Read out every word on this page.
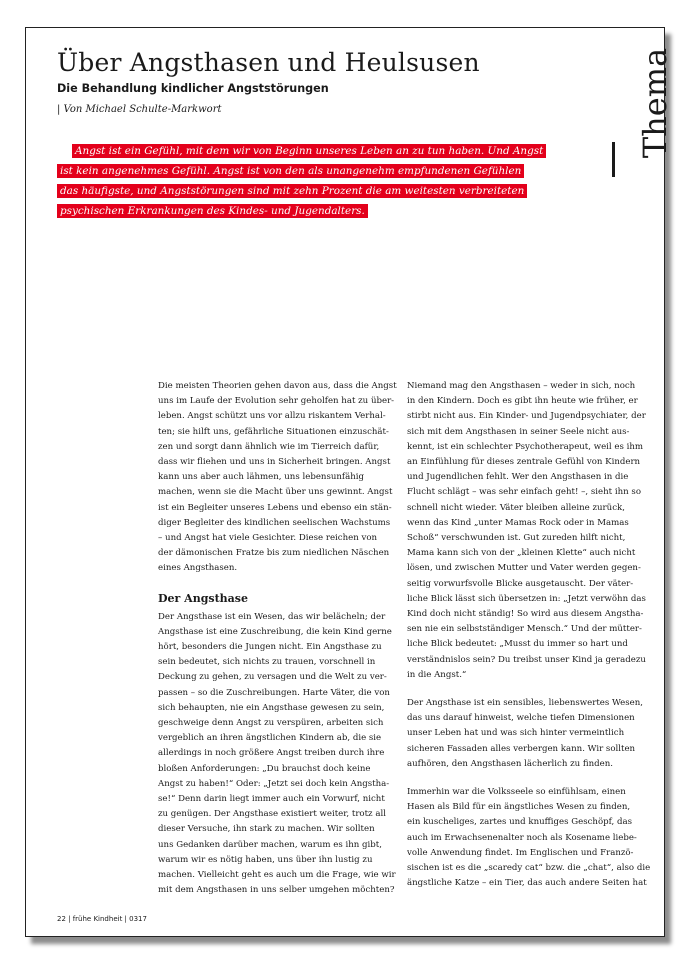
Über Angsthasen und Heulsusen
Die Behandlung kindlicher Angststörungen
| Von Michael Schulte-Markwort
Angst ist ein Gefühl, mit dem wir von Beginn unseres Leben an zu tun haben. Und Angst
ist kein angenehmes Gefühl. Angst ist von den als unangenehm empfundenen Gefühlen
das häufigste, und Angststörungen sind mit zehn Prozent die am weitesten verbreiteten
psychischen Erkrankungen des Kindes- und Jugendalters.
Thema

Die meisten Theorien gehen davon aus, dass die Angst
uns im Laufe der Evolution sehr geholfen hat zu über-
leben. Angst schützt uns vor allzu riskantem Verhal-
ten; sie hilft uns, gefährliche Situationen einzuschät-
zen und sorgt dann ähnlich wie im Tierreich dafür,
dass wir fliehen und uns in Sicherheit bringen. Angst
kann uns aber auch lähmen, uns lebensunfähig
machen, wenn sie die Macht über uns gewinnt. Angst
ist ein Begleiter unseres Lebens und ebenso ein stän-
diger Begleiter des kindlichen seelischen Wachstums
– und Angst hat viele Gesichter. Diese reichen von
der dämonischen Fratze bis zum niedlichen Näschen
eines Angsthasen.

Der Angsthase

Der Angsthase ist ein Wesen, das wir belächeln; der
Angsthase ist eine Zuschreibung, die kein Kind gerne
hört, besonders die Jungen nicht. Ein Angsthase zu
sein bedeutet, sich nichts zu trauen, vorschnell in
Deckung zu gehen, zu versagen und die Welt zu ver-
passen – so die Zuschreibungen. Harte Väter, die von
sich behaupten, nie ein Angsthase gewesen zu sein,
geschweige denn Angst zu verspüren, arbeiten sich
vergeblich an ihren ängstlichen Kindern ab, die sie
allerdings in noch größere Angst treiben durch ihre
bloßen Anforderungen: „Du brauchst doch keine
Angst zu haben!“ Oder: „Jetzt sei doch kein Angstha-
se!“ Denn darin liegt immer auch ein Vorwurf, nicht
zu genügen. Der Angsthase existiert weiter, trotz all
dieser Versuche, ihn stark zu machen. Wir sollten
uns Gedanken darüber machen, warum es ihn gibt,
warum wir es nötig haben, uns über ihn lustig zu
machen. Vielleicht geht es auch um die Frage, wie wir
mit dem Angsthasen in uns selber umgehen möchten?

Niemand mag den Angsthasen – weder in sich, noch
in den Kindern. Doch es gibt ihn heute wie früher, er
stirbt nicht aus. Ein Kinder- und Jugendpsychiater, der
sich mit dem Angsthasen in seiner Seele nicht aus-
kennt, ist ein schlechter Psychotherapeut, weil es ihm
an Einfühlung für dieses zentrale Gefühl von Kindern
und Jugendlichen fehlt. Wer den Angsthasen in die
Flucht schlägt – was sehr einfach geht! –, sieht ihn so
schnell nicht wieder. Väter bleiben alleine zurück,
wenn das Kind „unter Mamas Rock oder in Mamas
Schoß“ verschwunden ist. Gut zureden hilft nicht,
Mama kann sich von der „kleinen Klette“ auch nicht
lösen, und zwischen Mutter und Vater werden gegen-
seitig vorwurfsvolle Blicke ausgetauscht. Der väter-
liche Blick lässt sich übersetzen in: „Jetzt verwöhn das
Kind doch nicht ständig! So wird aus diesem Angstha-
sen nie ein selbstständiger Mensch.“ Und der mütter-
liche Blick bedeutet: „Musst du immer so hart und
verständnislos sein? Du treibst unser Kind ja geradezu
in die Angst.“

Der Angsthase ist ein sensibles, liebenswertes Wesen,
das uns darauf hinweist, welche tiefen Dimensionen
unser Leben hat und was sich hinter vermeintlich
sicheren Fassaden alles verbergen kann. Wir sollten
aufhören, den Angsthasen lächerlich zu finden.

Immerhin war die Volksseele so einfühlsam, einen
Hasen als Bild für ein ängstliches Wesen zu finden,
ein kuscheliges, zartes und knuffiges Geschöpf, das
auch im Erwachsenenalter noch als Kosename liebe-
volle Anwendung findet. Im Englischen und Franzö-
sischen ist es die „scaredy cat“ bzw. die „chat“, also die
ängstliche Katze – ein Tier, das auch andere Seiten hat

22 | frühe Kindheit | 0317
